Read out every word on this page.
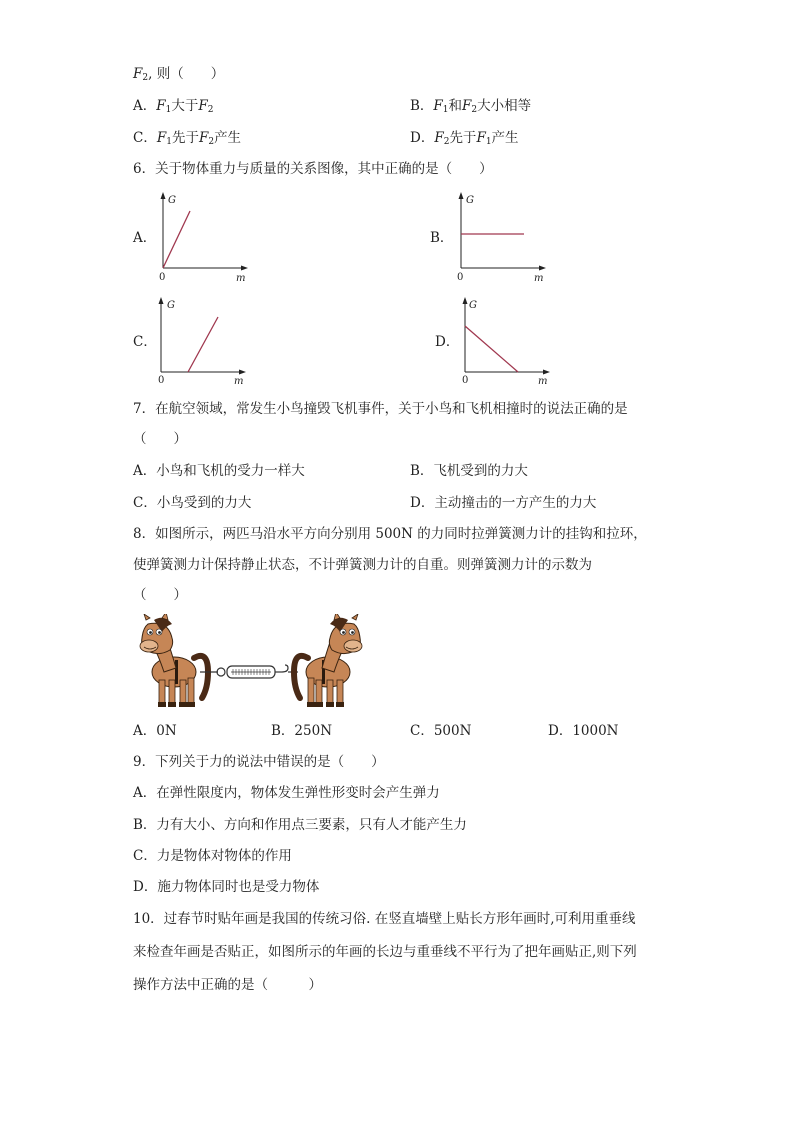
$F_2$, 则（　　）
A．$F_1$大于$F_2$	B．$F_1$和$F_2$大小相等
C．$F_1$先于$F_2$产生	D．$F_2$先于$F_1$产生
6．关于物体重力与质量的关系图像，其中正确的是（　　）
A．
G
m
0
B．
G
m
0
C．
G
m
0
D．
G
m
0
7．在航空领域，常发生小鸟撞毁飞机事件，关于小鸟和飞机相撞时的说法正确的是
（　　）
A．小鸟和飞机的受力一样大	B．飞机受到的力大
C．小鸟受到的力大	D．主动撞击的一方产生的力大
8．如图所示，两匹马沿水平方向分别用 500N 的力同时拉弹簧测力计的挂钩和拉环，
使弹簧测力计保持静止状态，不计弹簧测力计的自重。则弹簧测力计的示数为
（　　）
A．0N	B．250N	C．500N	D．1000N
9．下列关于力的说法中错误的是（　　）
A．在弹性限度内，物体发生弹性形变时会产生弹力
B．力有大小、方向和作用点三要素，只有人才能产生力
C．力是物体对物体的作用
D．施力物体同时也是受力物体
10．过春节时贴年画是我国的传统习俗. 在竖直墙壁上贴长方形年画时,可利用重垂线
来检查年画是否贴正，如图所示的年画的长边与重垂线不平行为了把年画贴正,则下列
操作方法中正确的是（　　　）
